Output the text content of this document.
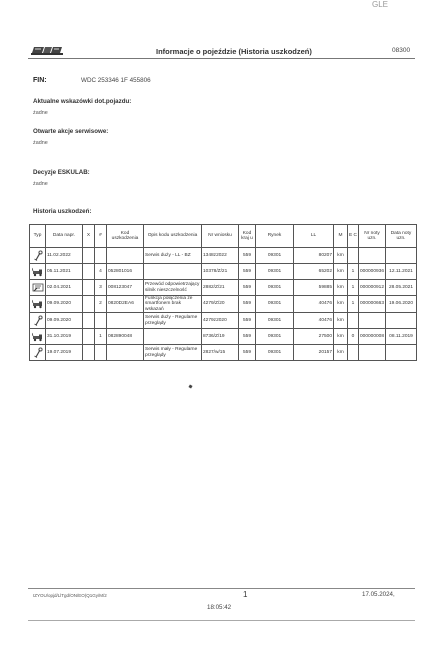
GLE
Informacje o pojeździe (Historia uszkodzeń)	08300
FIN:	WDC 253346 1F 455806
Aktualne wskazówki dot.pojazdu:
żadne
Otwarte akcje serwisowe:
żadne
Decyzje ESKULAB:
żadne
Historia uszkodzeń:
Typ	Data napr.	X	#	Kod uszkodzenia	Opis kodu uszkodzenia	Nr wniosku	Kod kraj u	Rynek	LL	M	E C	Nr noty uzn.	Data noty uzn.

	11.02.2022				Serwis duży - LL - BZ	1348z2022	559	09301	80207	km			

	05.11.2021		4	052801016		10378/Z/21	559	09301	65202	km	1	000000936	12.11.2021

	02.04.2021		3	008123047	Przewód odpowietrzający silnik nieszczelność	2882/Z/21	559	09301	59885	km	1	000000912	28.05.2021

	09.09.2020		2	0820D2EA6	Funkcja połączenia ze smartfonem brak wskazań	4279/Z/20	559	09301	40476	km	1	000000663	19.06.2020

	09.09.2020				Serwis duży - Regularne przeglądy	4279z2020	559	09301	40476	km			

	31.10.2019		1	082890048		8736/Z/19	559	09301	27500	km	0	000000008	08.11.2019

	19.07.2019				Serwis mały - Regularne przeglądy	2827/w/15	559	09301	20157	km			
IZYOU/opjd/LlTgd/ON/EO(Q1Gy/M/2	1	17.05.2024,
18:05:42
